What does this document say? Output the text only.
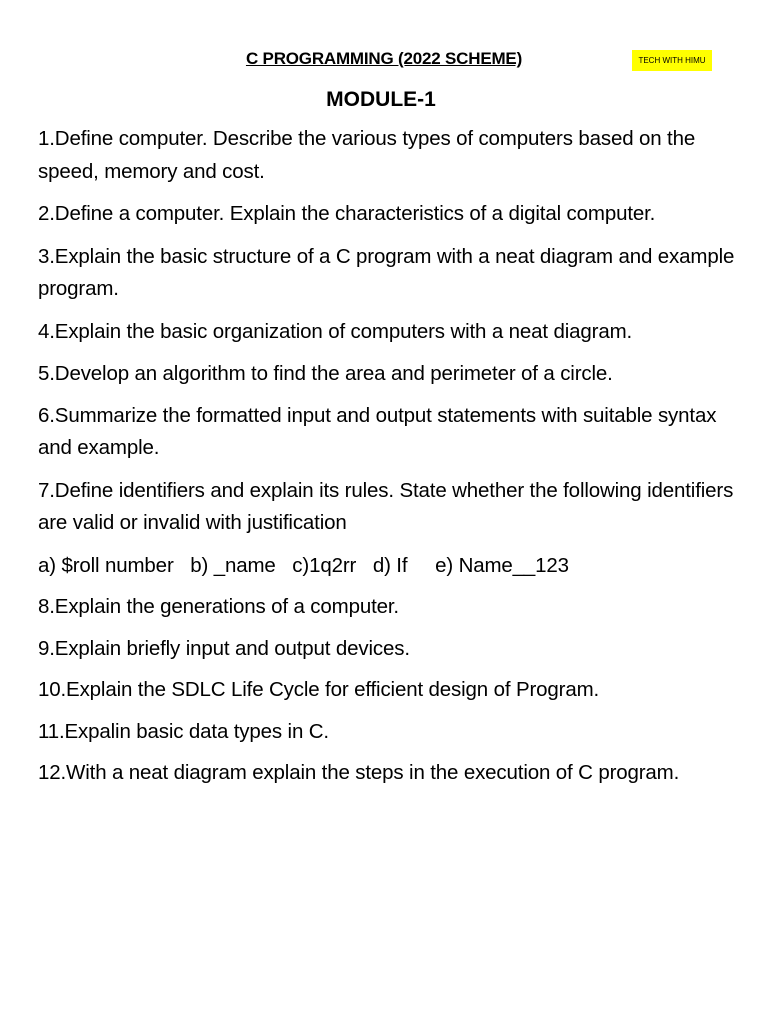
C PROGRAMMING (2022 SCHEME)	TECH WITH HIMU
MODULE-1
1.Define computer. Describe the various types of computers based on the speed, memory and cost.
2.Define a computer. Explain the characteristics of a digital computer.
3.Explain the basic structure of a C program with a neat diagram and example program.
4.Explain the basic organization of computers with a neat diagram.
5.Develop an algorithm to find the area and perimeter of a circle.
6.Summarize the formatted input and output statements with suitable syntax and example.
7.Define identifiers and explain its rules. State whether the following identifiers are valid or invalid with justification
a) $roll number   b) _name   c)1q2rr   d) If     e) Name__123
8.Explain the generations of a computer.
9.Explain briefly input and output devices.
10.Explain the SDLC Life Cycle for efficient design of Program.
11.Expalin basic data types in C.
12.With a neat diagram explain the steps in the execution of C program.
